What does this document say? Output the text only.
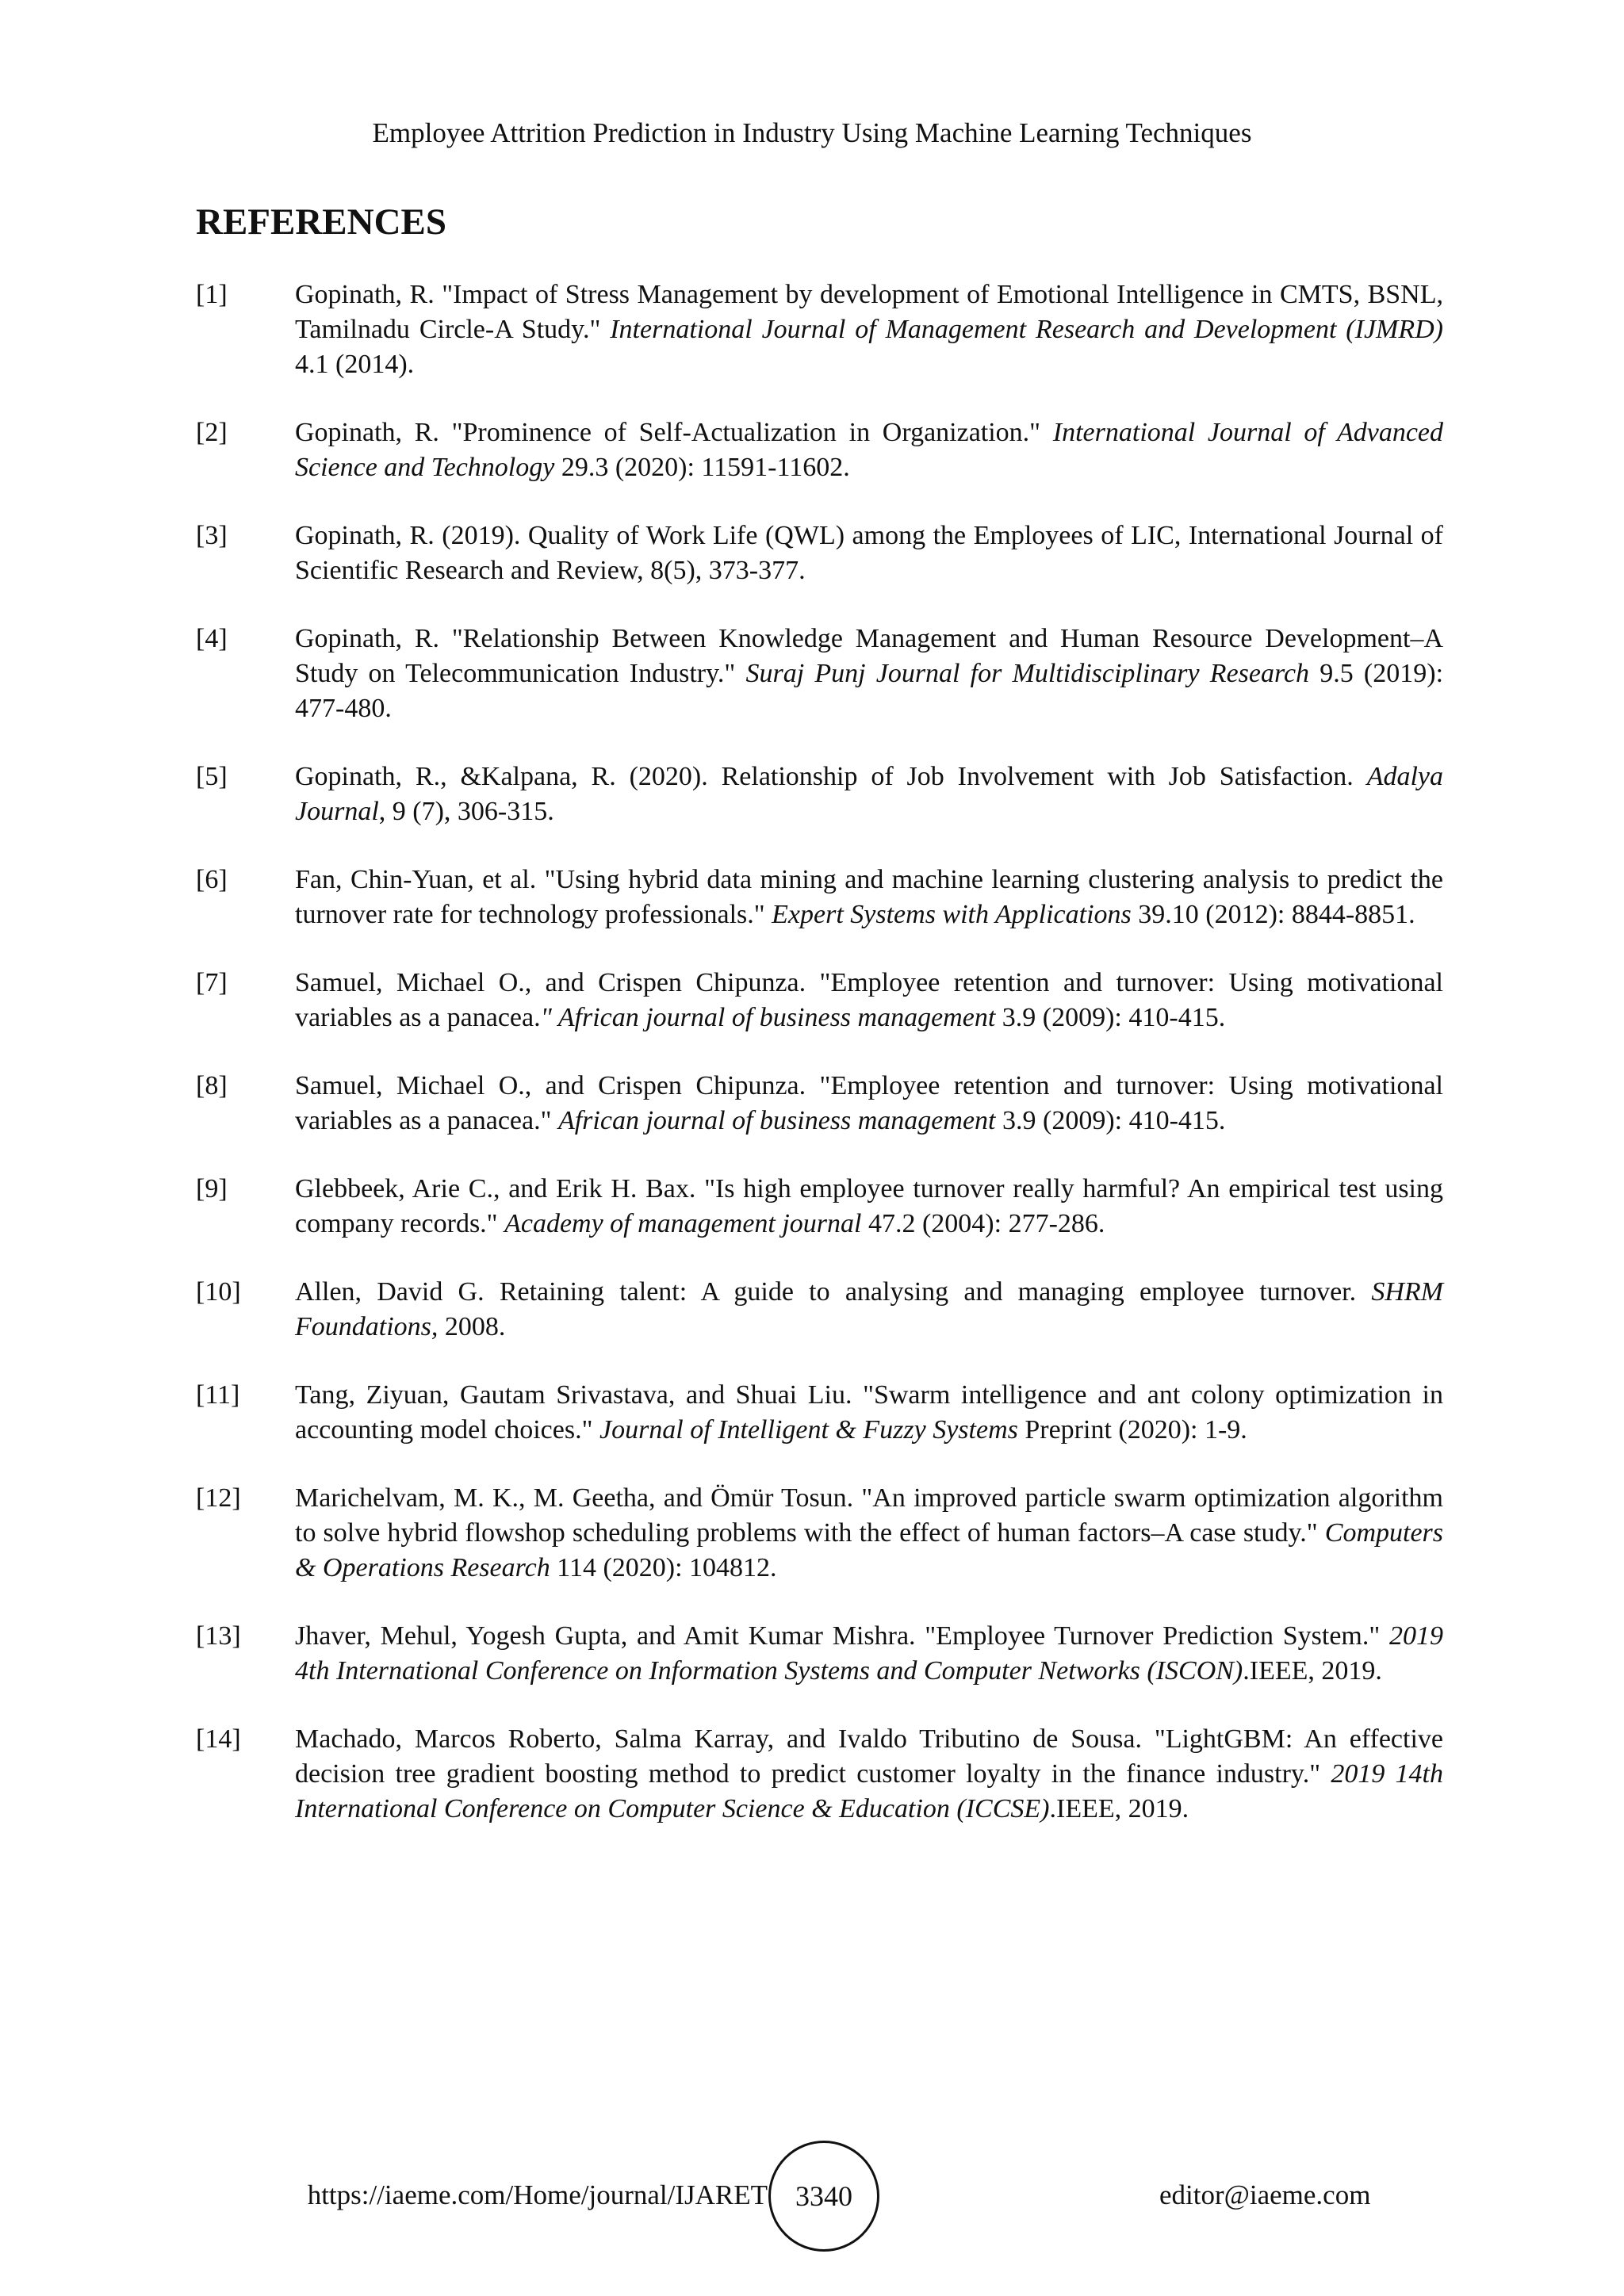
Employee Attrition Prediction in Industry Using Machine Learning Techniques
REFERENCES
[1]	Gopinath, R. "Impact of Stress Management by development of Emotional Intelligence in CMTS, BSNL, Tamilnadu Circle-A Study." International Journal of Management Research and Development (IJMRD) 4.1 (2014).
[2]	Gopinath, R. "Prominence of Self-Actualization in Organization." International Journal of Advanced Science and Technology 29.3 (2020): 11591-11602.
[3]	Gopinath, R. (2019). Quality of Work Life (QWL) among the Employees of LIC, International Journal of Scientific Research and Review, 8(5), 373-377.
[4]	Gopinath, R. "Relationship Between Knowledge Management and Human Resource Development–A Study on Telecommunication Industry." Suraj Punj Journal for Multidisciplinary Research 9.5 (2019): 477-480.
[5]	Gopinath, R., &Kalpana, R. (2020). Relationship of Job Involvement with Job Satisfaction. Adalya Journal, 9 (7), 306-315.
[6]	Fan, Chin-Yuan, et al. "Using hybrid data mining and machine learning clustering analysis to predict the turnover rate for technology professionals." Expert Systems with Applications 39.10 (2012): 8844-8851.
[7]	Samuel, Michael O., and Crispen Chipunza. "Employee retention and turnover: Using motivational variables as a panacea." African journal of business management 3.9 (2009): 410-415.
[8]	Samuel, Michael O., and Crispen Chipunza. "Employee retention and turnover: Using motivational variables as a panacea." African journal of business management 3.9 (2009): 410-415.
[9]	Glebbeek, Arie C., and Erik H. Bax. "Is high employee turnover really harmful? An empirical test using company records." Academy of management journal 47.2 (2004): 277-286.
[10] Allen, David G. Retaining talent: A guide to analysing and managing employee turnover. SHRM Foundations, 2008.
[11] Tang, Ziyuan, Gautam Srivastava, and Shuai Liu. "Swarm intelligence and ant colony optimization in accounting model choices." Journal of Intelligent & Fuzzy Systems Preprint (2020): 1-9.
[12] Marichelvam, M. K., M. Geetha, and Ömür Tosun. "An improved particle swarm optimization algorithm to solve hybrid flowshop scheduling problems with the effect of human factors–A case study." Computers & Operations Research 114 (2020): 104812.
[13] Jhaver, Mehul, Yogesh Gupta, and Amit Kumar Mishra. "Employee Turnover Prediction System." 2019 4th International Conference on Information Systems and Computer Networks (ISCON).IEEE, 2019.
[14] Machado, Marcos Roberto, Salma Karray, and Ivaldo Tributino de Sousa. "LightGBM: An effective decision tree gradient boosting method to predict customer loyalty in the finance industry." 2019 14th International Conference on Computer Science & Education (ICCSE).IEEE, 2019.
https://iaeme.com/Home/journal/IJARET 3340	editor@iaeme.com
